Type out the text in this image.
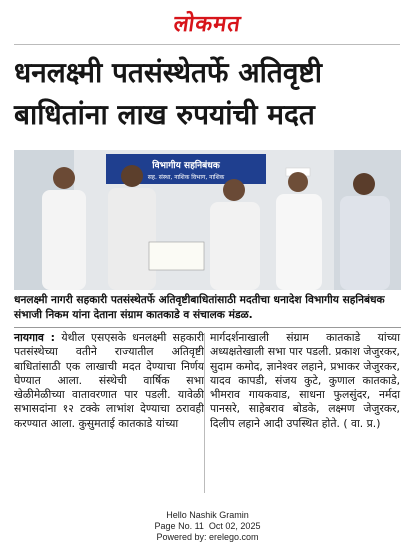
लोकमत
धनलक्ष्मी पतसंस्थेतर्फे अतिवृष्टी बाधितांना लाख रुपयांची मदत
विभागीय सहनिबंधक
सह. संस्था, नाशिक विभाग, नाशिक
धनलक्ष्मी नागरी सहकारी पतसंस्थेतर्फे अतिवृष्टीबाधितांसाठी मदतीचा धनादेश विभागीय सहनिबंधक संभाजी निकम यांना देताना संग्राम कातकाडे व संचालक मंडळ.
नायगाव : येथील एसएसके धनलक्ष्मी सहकारी पतसंस्थेच्या वतीने राज्यातील अतिवृष्टी बाधितांसाठी एक लाखाची मदत देण्याचा निर्णय घेण्यात आला. संस्थेची वार्षिक सभा खेळीमेळीच्या वातावरणात पार पडली. यावेळी सभासदांना १२ टक्के लाभांश देण्याचा ठरावही करण्यात आला. कुसुमताई कातकाडे यांच्या
मार्गदर्शनाखाली संग्राम कातकाडे यांच्या अध्यक्षतेखाली सभा पार पडली. प्रकाश जेजुरकर, सुदाम कमोद, ज्ञानेश्वर लहाने, प्रभाकर जेजुरकर, यादव कापडी, संजय कुटे, कुणाल कातकाडे, भीमराव गायकवाड, साधना फुलसुंदर, नर्मदा पानसरे, साहेबराव बोडके, लक्ष्मण जेजुरकर, दिलीप लहाने आदी उपस्थित होते. ( वा. प्र.)
Hello Nashik Gramin
Page No. 11  Oct 02, 2025
Powered by: erelego.com
